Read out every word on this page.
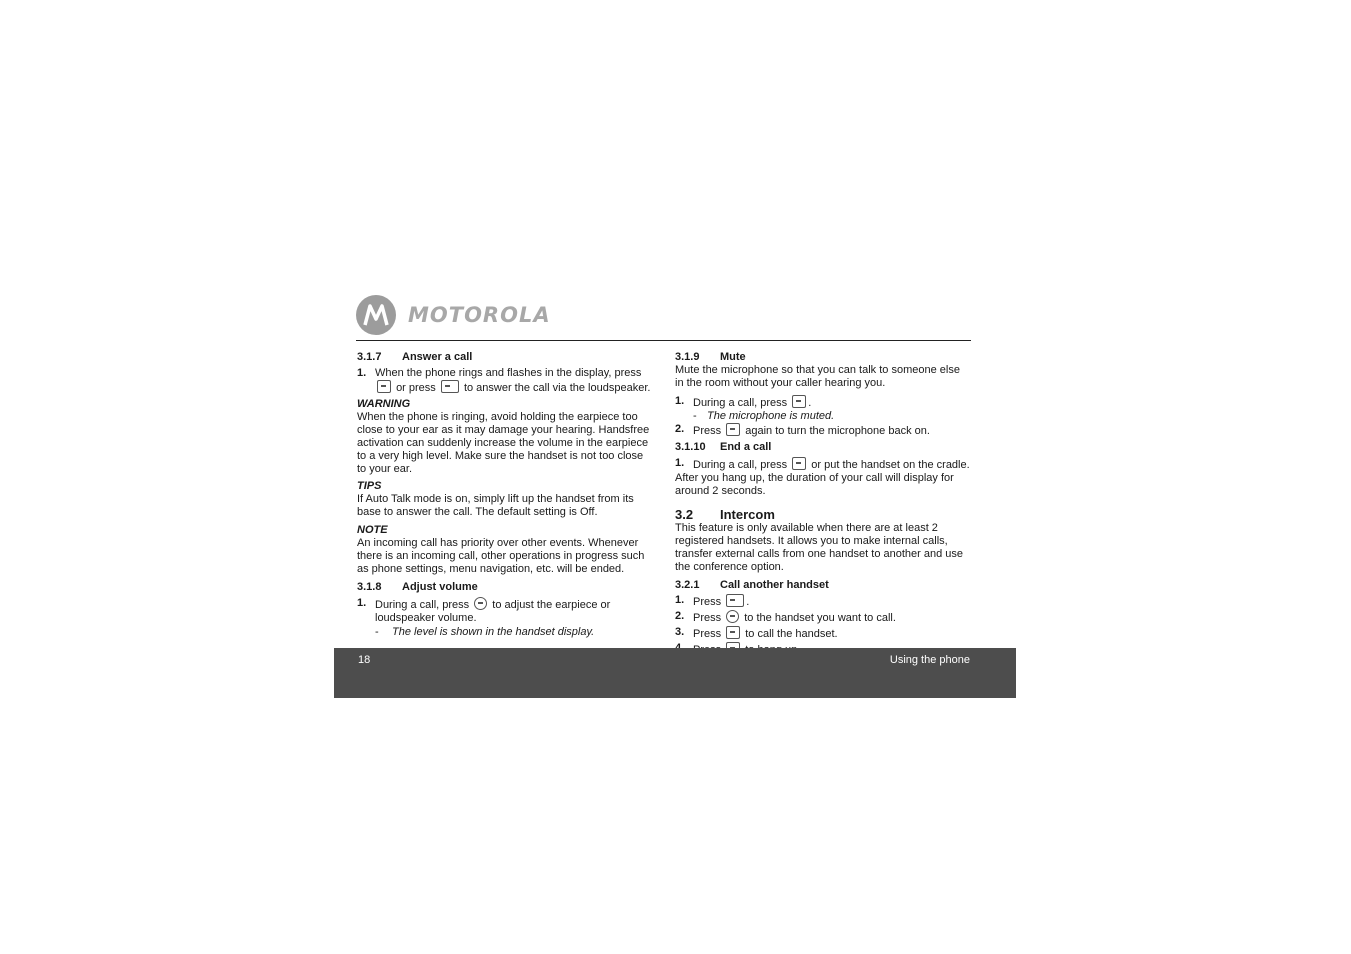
MOTOROLA
3.1.7 Answer a call
1. When the phone rings and flashes in the display, press  or press	to answer the call via the loudspeaker.
WARNING

When the phone is ringing, avoid holding the earpiece too close to your ear as it may damage your hearing. Handsfree activation can suddenly increase the volume in the earpiece to a very high level. Make sure the handset is not too close to your ear.

TIPS

If Auto Talk mode is on, simply lift up the handset from its base to answer the call. The default setting is Off.

NOTE

An incoming call has priority over other events. Whenever there is an incoming call, other operations in progress such as phone settings, menu navigation, etc. will be ended.

3.1.8 Adjust volume
1. During a call, press to adjust the earpiece or loudspeaker volume.
- The level is shown in the handset display.
3.1.9 Mute

Mute the microphone so that you can talk to someone else in the room without your caller hearing you.

1. During a call, press .
- The microphone is muted.
2. Press again to turn the microphone back on.
3.1.10 End a call
1. During a call, press or put the handset on the cradle.

After you hang up, the duration of your call will display for around 2 seconds.

3.2 Intercom

This feature is only available when there are at least 2 registered handsets. It allows you to make internal calls, transfer external calls from one handset to another and use the conference option.

3.2.1 Call another handset
1. Press .
2. Press to the handset you want to call.
3. Press to call the handset.
18	Using the phone
